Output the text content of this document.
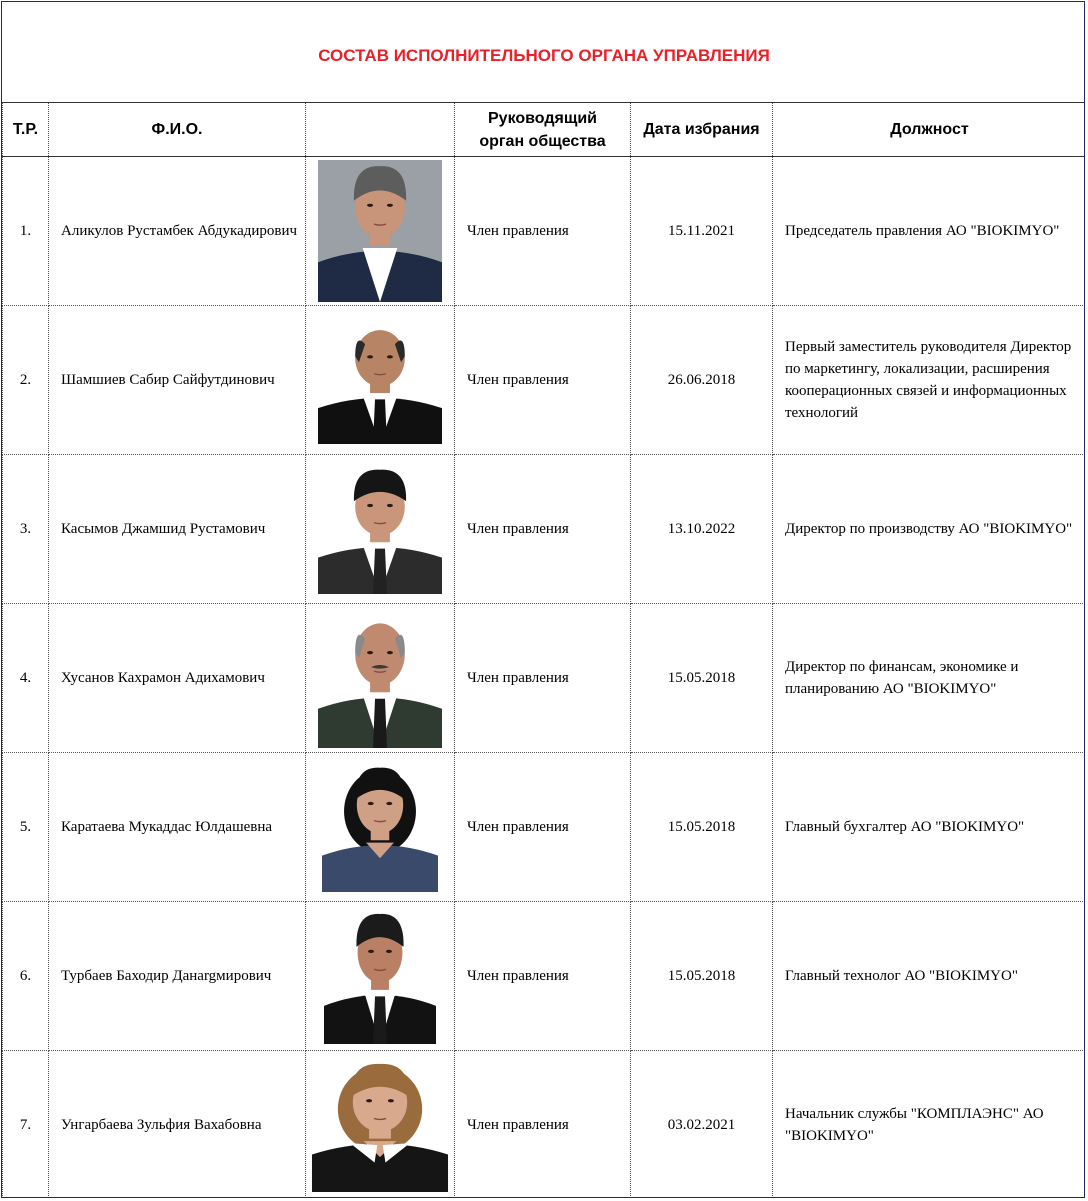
СОСТАВ ИСПОЛНИТЕЛЬНОГО ОРГАНА УПРАВЛЕНИЯ
Т.Р.	Ф.И.О.		Руководящий
орган общества	Дата избрания	Должност
1.	Аликулов Рустамбек Абдукадирович		Член правления	15.11.2021	Председатель правления АО "BIOKIMYO"
2.	Шамшиев Сабир Сайфутдинович		Член правления	26.06.2018	Первый заместитель руководителя Директор по маркетингу, локализации, расширения кооперационных связей и информационных технологий
3.	Касымов Джамшид Рустамович		Член правления	13.10.2022	Директор по производству АО "BIOKIMYO"
4.	Хусанов Кахрамон Адихамович		Член правления	15.05.2018	Директор по финансам, экономике и планированию АО "BIOKIMYO"
5.	Каратаева Мукаддас Юлдашевна		Член правления	15.05.2018	Главный бухгалтер АО "BIOKIMYO"
6.	Турбаев Баходир Данargмирович		Член правления	15.05.2018	Главный технолог АО "BIOKIMYO"
7.	Унгарбаева Зульфия Вахабовна		Член правления	03.02.2021	Начальник службы "КОМПЛАЭНС" АО "BIOKIMYO"
